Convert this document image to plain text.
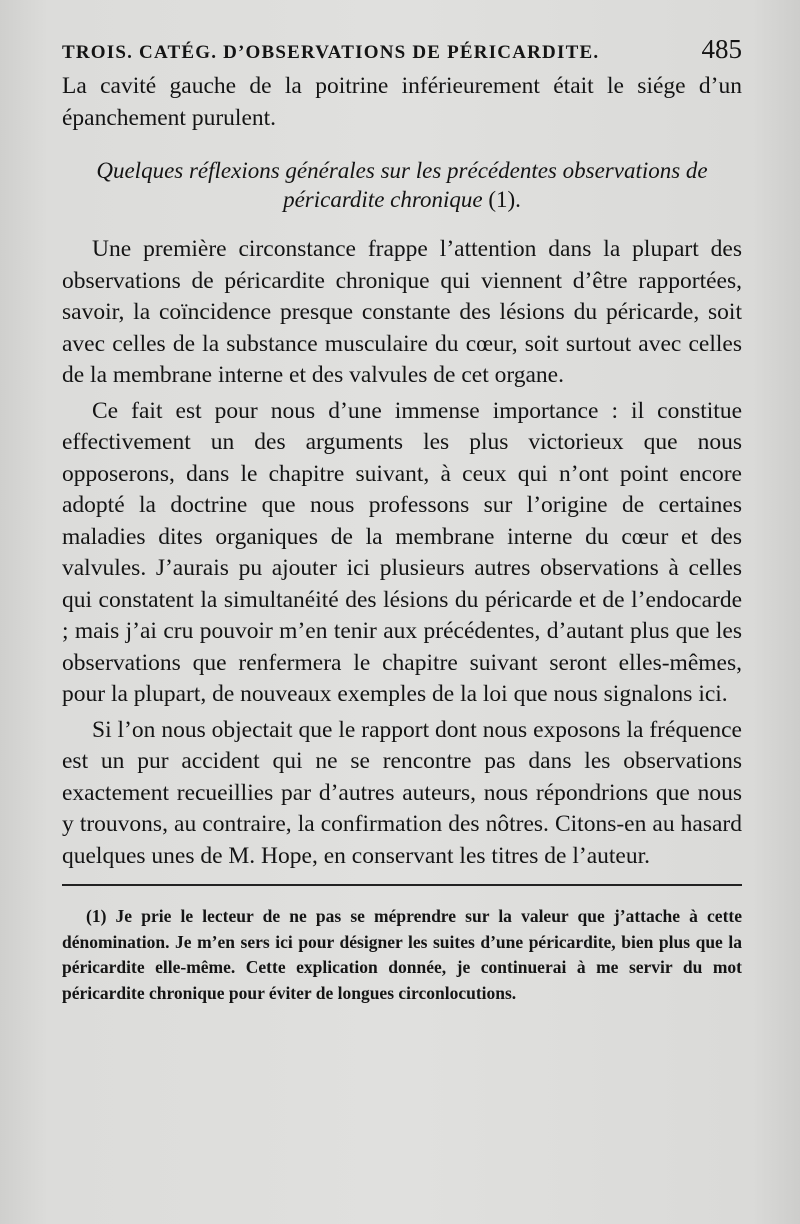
TROIS. CATÉG. D’OBSERVATIONS DE PÉRICARDITE.	485

La cavité gauche de la poitrine inférieurement était le siége d’un épanchement purulent.

Quelques réflexions générales sur les précédentes observations de péricardite chronique (1).

Une première circonstance frappe l’attention dans la plupart des observations de péricardite chronique qui viennent d’être rapportées, savoir, la coïncidence presque constante des lésions du péricarde, soit avec celles de la substance musculaire du cœur, soit surtout avec celles de la membrane interne et des valvules de cet organe.

Ce fait est pour nous d’une immense importance : il constitue effectivement un des arguments les plus victorieux que nous opposerons, dans le chapitre suivant, à ceux qui n’ont point encore adopté la doctrine que nous professons sur l’origine de certaines maladies dites organiques de la membrane interne du cœur et des valvules. J’aurais pu ajouter ici plusieurs autres observations à celles qui constatent la simultanéité des lésions du péricarde et de l’endocarde ; mais j’ai cru pouvoir m’en tenir aux précédentes, d’autant plus que les observations que renfermera le chapitre suivant seront elles-mêmes, pour la plupart, de nouveaux exemples de la loi que nous signalons ici.

Si l’on nous objectait que le rapport dont nous exposons la fréquence est un pur accident qui ne se rencontre pas dans les observations exactement recueillies par d’autres auteurs, nous répondrions que nous y trouvons, au contraire, la confirmation des nôtres. Citons-en au hasard quelques unes de M. Hope, en conservant les titres de l’auteur.

(1) Je prie le lecteur de ne pas se méprendre sur la valeur que j’attache à cette dénomination. Je m’en sers ici pour désigner les suites d’une péricardite, bien plus que la péricardite elle-même. Cette explication donnée, je continuerai à me servir du mot péricardite chronique pour éviter de longues circonlocutions.
